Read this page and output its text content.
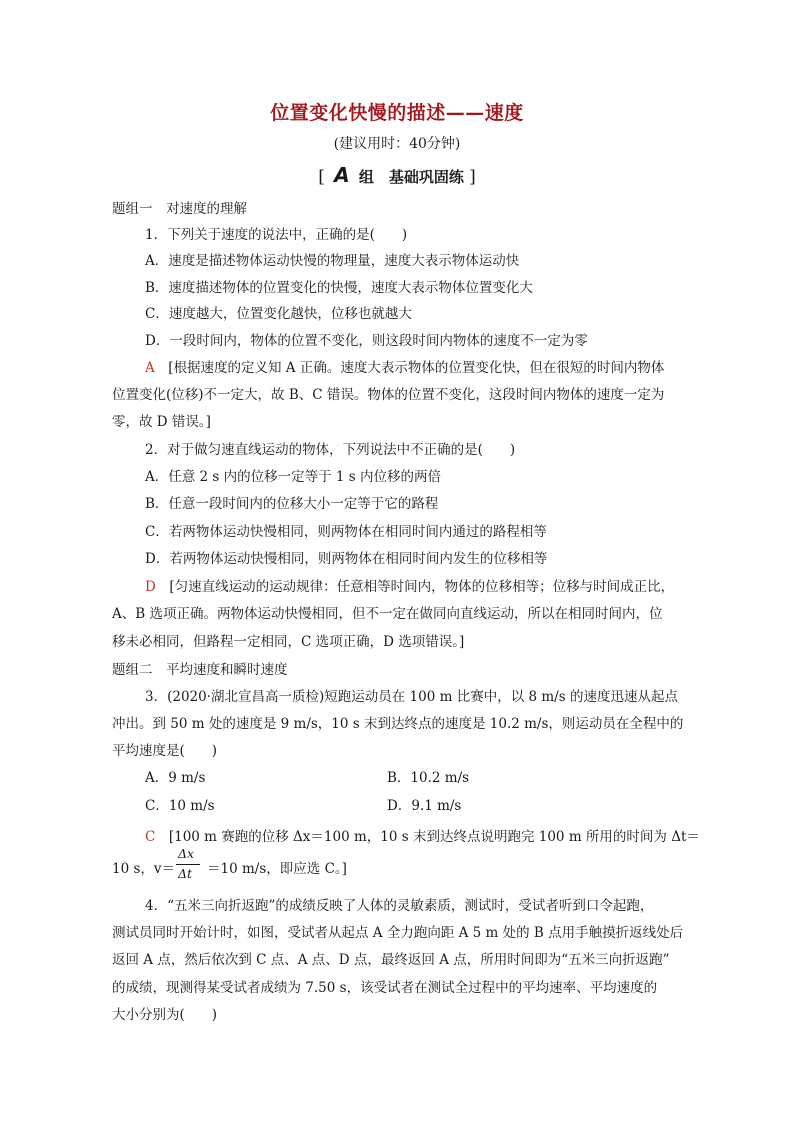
位置变化快慢的描述——速度
(建议用时：40分钟)
[ A 组　基础巩固练 ]
题组一　对速度的理解
1．下列关于速度的说法中，正确的是(　　)
A．速度是描述物体运动快慢的物理量，速度大表示物体运动快
B．速度描述物体的位置变化的快慢，速度大表示物体位置变化大
C．速度越大，位置变化越快，位移也就越大
D．一段时间内，物体的位置不变化，则这段时间内物体的速度不一定为零
A　[根据速度的定义知 A 正确。速度大表示物体的位置变化快，但在很短的时间内物体
位置变化(位移)不一定大，故 B、C 错误。物体的位置不变化，这段时间内物体的速度一定为
零，故 D 错误。]
2．对于做匀速直线运动的物体，下列说法中不正确的是(　　)
A．任意 2 s 内的位移一定等于 1 s 内位移的两倍
B．任意一段时间内的位移大小一定等于它的路程
C．若两物体运动快慢相同，则两物体在相同时间内通过的路程相等
D．若两物体运动快慢相同，则两物体在相同时间内发生的位移相等
D　[匀速直线运动的运动规律：任意相等时间内，物体的位移相等；位移与时间成正比，
A、B 选项正确。两物体运动快慢相同，但不一定在做同向直线运动，所以在相同时间内，位
移未必相同，但路程一定相同，C 选项正确，D 选项错误。]
题组二　平均速度和瞬时速度
3．(2020·湖北宣昌高一质检)短跑运动员在 100 m 比赛中，以 8 m/s 的速度迅速从起点
冲出。到 50 m 处的速度是 9 m/s，10 s 末到达终点的速度是 10.2 m/s，则运动员在全程中的
平均速度是(　　)
A．9 m/s	B．10.2 m/s
C．10 m/s	D．9.1 m/s
4．“五米三向折返跑”的成绩反映了人体的灵敏素质，测试时，受试者听到口令起跑，
测试员同时开始计时，如图，受试者从起点 A 全力跑向距 A 5 m 处的 B 点用手触摸折返线处后
返回 A 点，然后依次到 C 点、A 点、D 点，最终返回 A 点，所用时间即为“五米三向折返跑”
的成绩，现测得某受试者成绩为 7.50 s，该受试者在测试全过程中的平均速率、平均速度的
大小分别为(　　)
C　[100 m 赛跑的位移 Δx＝100 m，10 s 末到达终点说明跑完 100 m 所用的时间为 Δt＝
10 s，v＝ ＝10 m/s，即应选 C。]
Δx
Δt
